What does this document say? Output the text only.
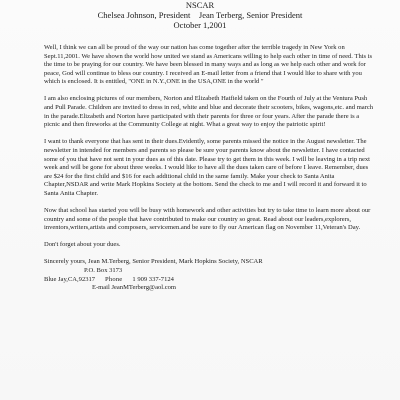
NSCAR
Chelsea Johnson, President    Jean Terberg, Senior President
October 1,2001

Well, I think we can all be proud of the way our nation has come together after the terrible tragedy in New York on Sept.11,2001. We have shown the world how united we stand as Americans willing to help each other in time of need. This is the time to be praying for our country. We have been blessed in many ways and as long as we help each other and work for peace, God will continue to bless our country. I received an E-mail letter from a friend that I would like to share with you which is enclosed. It is entitled, "ONE in N.Y.,ONE in the USA,ONE in the world "

I am also enclosing pictures of our members, Norton and Elizabeth Hatfield taken on the Fourth of July at the Ventura Push and Pull Parade. Children are invited to dress in red, white and blue and decorate their scooters, bikes, wagons,etc. and march in the parade.Elizabeth and Norton have participated with their parents for three or four years. After the parade there is a picnic and then fireworks at the Community College at night. What a great way to enjoy the patriotic spirit!

I want to thank everyone that has sent in their dues.Evidently, some parents missed the notice in the August newsletter. The newsletter in intended for members and parents so please be sure your parents know about the newsletter. I have contacted some of you that have not sent in your dues as of this date. Please try to get them in this week. I will be leaving in a trip next week and will be gone for about three weeks. I would like to have all the dues taken care of before I leave. Remember, dues are $24 for the first child and $16 for each additional child in the same family. Make your check to Santa Anita Chapter,NSDAR and write Mark Hopkins Society at the bottom. Send the check to me and I will record it and forward it to Santa Anita Chapter.

Now that school has started you will be busy with homework and other activities but try to take time to learn more about our country and some of the people that have contributed to make our country so great. Read about our leaders,explorers, inventors,writers,artists and composers, servicemen.and be sure to fly our American flag on November 11,Veteran's Day.

Don't forget about your dues.

Sincerely yours, Jean M.Terberg, Senior President, Mark Hopkins Society, NSCAR

P.O. Box 3173
Blue Jay,CA,92317 Phone 1 909 337-7124
E-mail JeanMTerberg@aol.com
